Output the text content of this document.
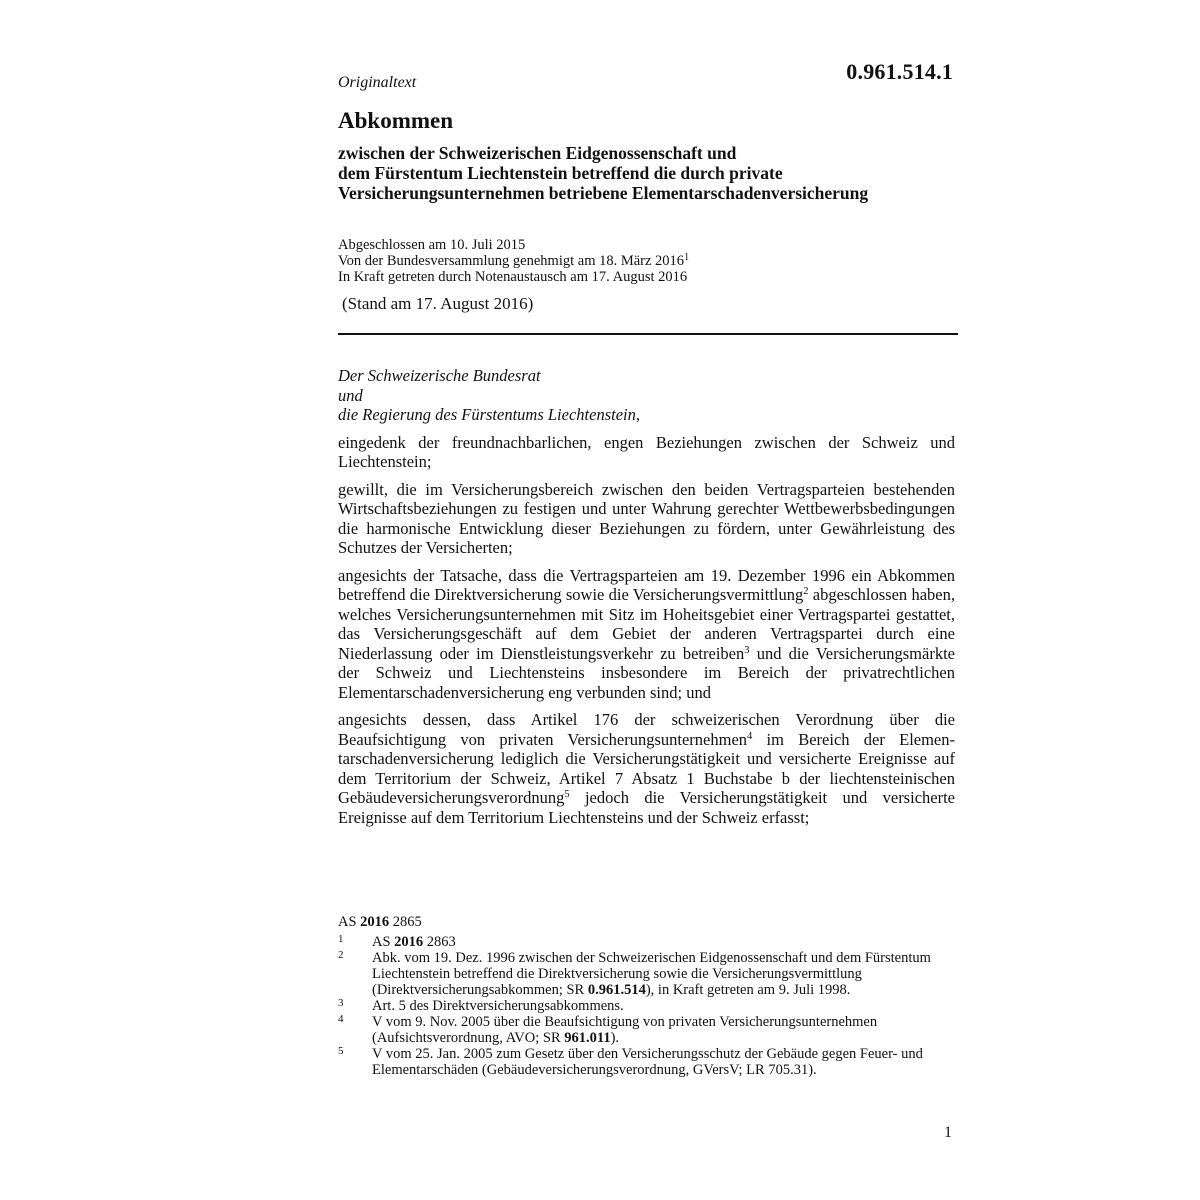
0.961.514.1
Originaltext
Abkommen
zwischen der Schweizerischen Eidgenossenschaft und
dem Fürstentum Liechtenstein betreffend die durch private
Versicherungsunternehmen betriebene Elementarschadenversicherung
Abgeschlossen am 10. Juli 2015
Von der Bundesversammlung genehmigt am 18. März 2016$^1$
In Kraft getreten durch Notenaustausch am 17. August 2016
(Stand am 17. August 2016)
Der Schweizerische Bundesrat
und
die Regierung des Fürstentums Liechtenstein,

eingedenk der freundnachbarlichen, engen Beziehungen zwischen der Schweiz und Liechtenstein;

gewillt, die im Versicherungsbereich zwischen den beiden Vertragsparteien bestehenden Wirtschaftsbeziehungen zu festigen und unter Wahrung gerechter Wettbewerbsbedingungen die harmonische Entwicklung dieser Beziehungen zu fördern, unter Gewährleistung des Schutzes der Versicherten;

angesichts der Tatsache, dass die Vertragsparteien am 19. Dezember 1996 ein Abkommen betreffend die Direktversicherung sowie die Versicherungsvermittlung$^2$ abgeschlossen haben, welches Versicherungsunternehmen mit Sitz im Hoheitsgebiet einer Vertragspartei gestattet, das Versicherungsgeschäft auf dem Gebiet der anderen Vertragspartei durch eine Niederlassung oder im Dienstleistungsverkehr zu betreiben$^3$ und die Versicherungsmärkte der Schweiz und Liechtensteins insbesondere im Bereich der privatrechtlichen Elementarschadenversicherung eng verbunden sind; und

angesichts dessen, dass Artikel 176 der schweizerischen Verordnung über die Beaufsichtigung von privaten Versicherungsunternehmen$^4$ im Bereich der Elementarschadenversicherung lediglich die Versicherungstätigkeit und versicherte Ereignisse auf dem Territorium der Schweiz, Artikel 7 Absatz 1 Buchstabe b der liechtensteinischen Gebäudeversicherungsverordnung$^5$ jedoch die Versicherungstätigkeit und versicherte Ereignisse auf dem Territorium Liechtensteins und der Schweiz erfasst;

AS 2016 2865
1 AS 2016 2863
2 Abk. vom 19. Dez. 1996 zwischen der Schweizerischen Eidgenossenschaft und dem Fürstentum Liechtenstein betreffend die Direktversicherung sowie die Versicherungsvermittlung (Direktversicherungsabkommen; SR 0.961.514), in Kraft getreten am 9. Juli 1998.
3 Art. 5 des Direktversicherungsabkommens.
4 V vom 9. Nov. 2005 über die Beaufsichtigung von privaten Versicherungsunternehmen (Aufsichtsverordnung, AVO; SR 961.011).
5 V vom 25. Jan. 2005 zum Gesetz über den Versicherungsschutz der Gebäude gegen Feuer- und Elementarschäden (Gebäudeversicherungsverordnung, GVersV; LR 705.31).
1
